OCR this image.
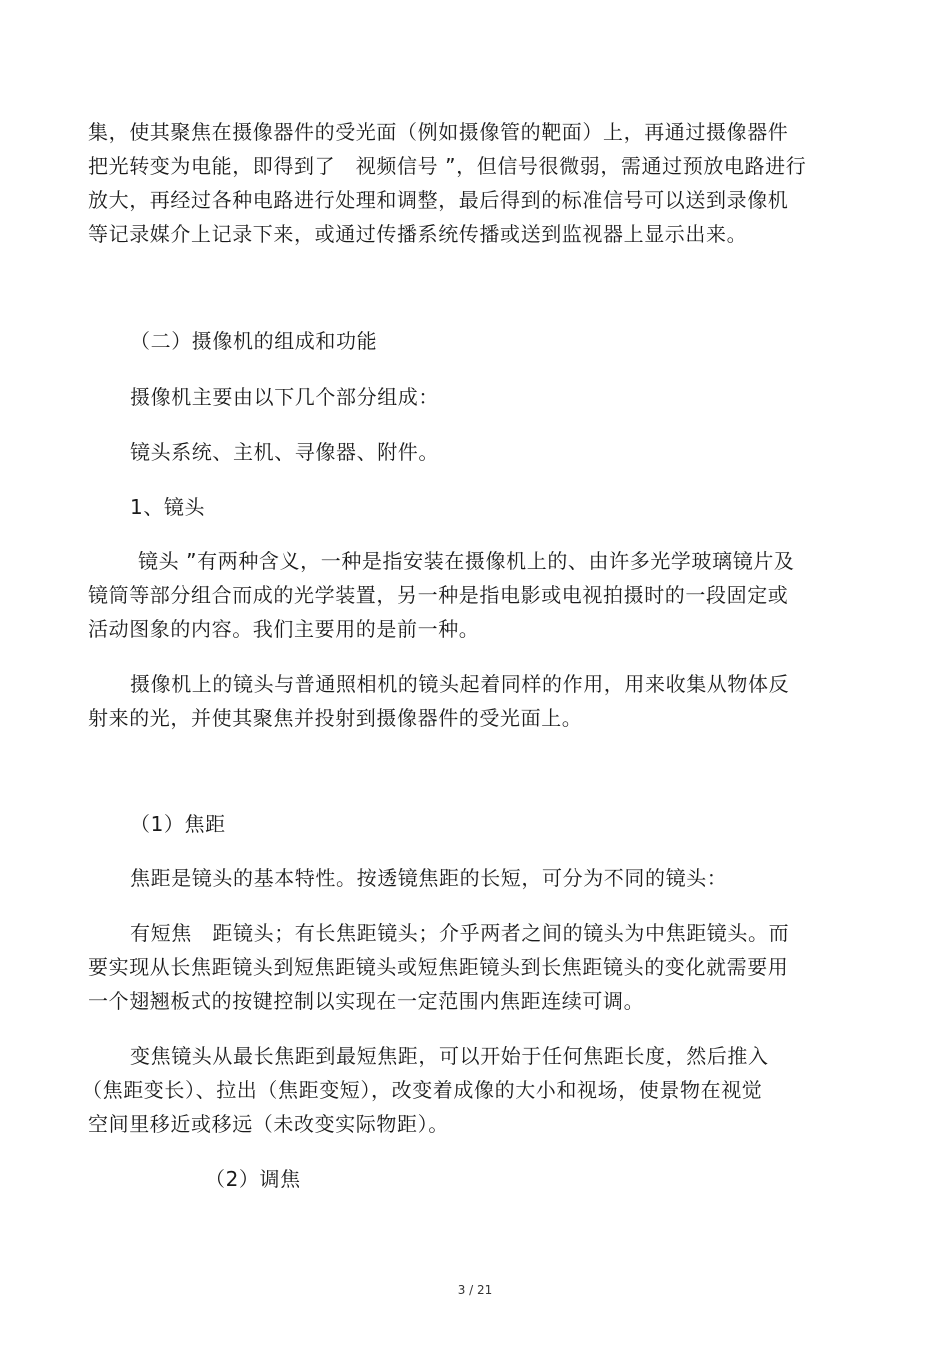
集，使其聚焦在摄像器件的受光面（例如摄像管的靶面）上，再通过摄像器件
把光转变为电能，即得到了　视频信号 ”，但信号很微弱，需通过预放电路进行
放大，再经过各种电路进行处理和调整，最后得到的标准信号可以送到录像机
等记录媒介上记录下来，或通过传播系统传播或送到监视器上显示出来。
（二）摄像机的组成和功能
摄像机主要由以下几个部分组成：
镜头系统、主机、寻像器、附件。
1、镜头
镜头 ”有两种含义，一种是指安装在摄像机上的、由许多光学玻璃镜片及
镜筒等部分组合而成的光学装置，另一种是指电影或电视拍摄时的一段固定或
活动图象的内容。我们主要用的是前一种。
摄像机上的镜头与普通照相机的镜头起着同样的作用，用来收集从物体反
射来的光，并使其聚焦并投射到摄像器件的受光面上。
（1）焦距
焦距是镜头的基本特性。按透镜焦距的长短，可分为不同的镜头：
有短焦　距镜头；有长焦距镜头；介乎两者之间的镜头为中焦距镜头。而
要实现从长焦距镜头到短焦距镜头或短焦距镜头到长焦距镜头的变化就需要用
一个翅翘板式的按键控制以实现在一定范围内焦距连续可调。
变焦镜头从最长焦距到最短焦距，可以开始于任何焦距长度，然后推入
（焦距变长）、拉出（焦距变短），改变着成像的大小和视场，使景物在视觉
空间里移近或移远（未改变实际物距）。
（2）调焦
3 / 21
